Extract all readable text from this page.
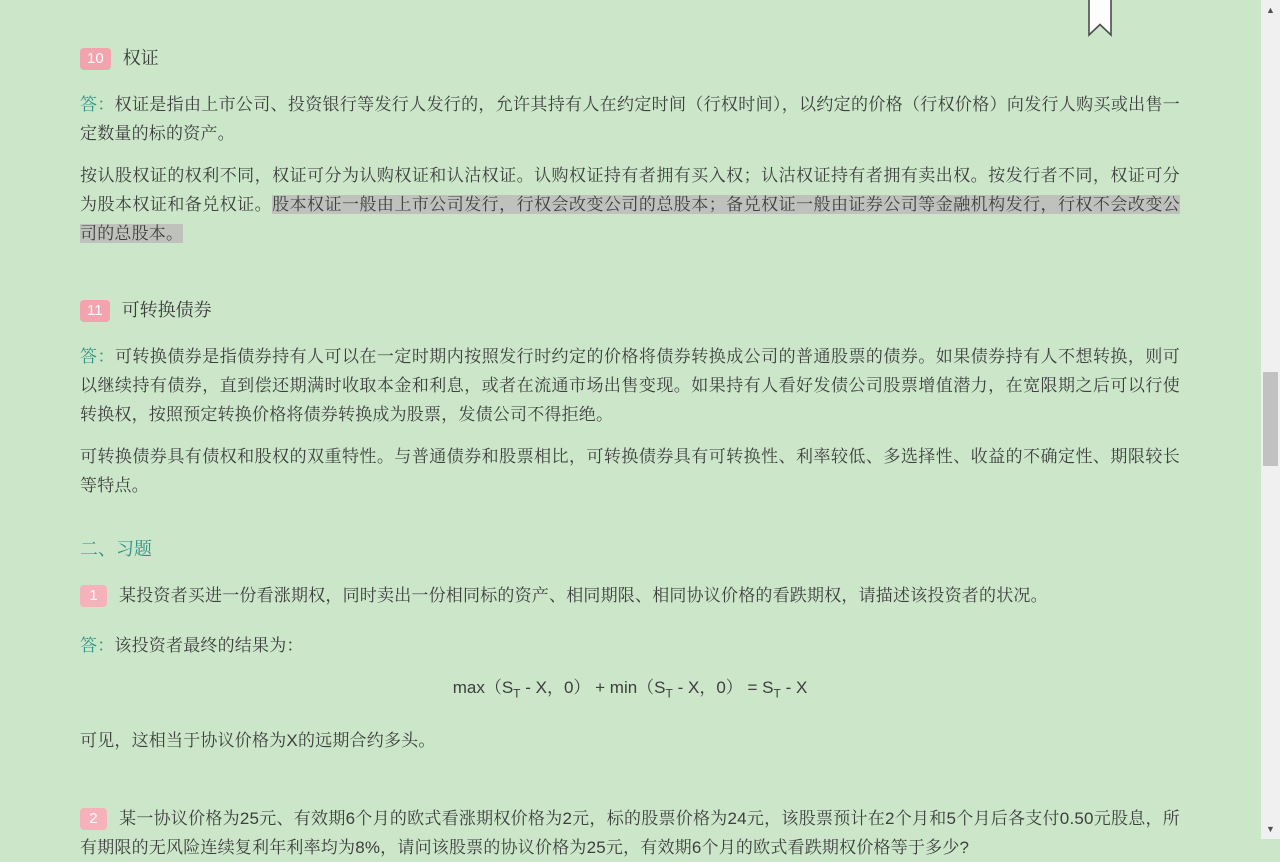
10 权证

答：权证是指由上市公司、投资银行等发行人发行的，允许其持有人在约定时间（行权时间），以约定的价格（行权价格）向发行人购买或出售一定数量的标的资产。

按认股权证的权利不同，权证可分为认购权证和认沽权证。认购权证持有者拥有买入权；认沽权证持有者拥有卖出权。按发行者不同，权证可分为股本权证和备兑权证。股本权证一般由上市公司发行，行权会改变公司的总股本；备兑权证一般由证券公司等金融机构发行，行权不会改变公司的总股本。

11 可转换债券

答：可转换债券是指债券持有人可以在一定时期内按照发行时约定的价格将债券转换成公司的普通股票的债券。如果债券持有人不想转换，则可以继续持有债券，直到偿还期满时收取本金和利息，或者在流通市场出售变现。如果持有人看好发债公司股票增值潜力，在宽限期之后可以行使转换权，按照预定转换价格将债券转换成为股票，发债公司不得拒绝。

可转换债券具有债权和股权的双重特性。与普通债券和股票相比，可转换债券具有可转换性、利率较低、多选择性、收益的不确定性、期限较长等特点。

二、习题

1 某投资者买进一份看涨期权，同时卖出一份相同标的资产、相同期限、相同协议价格的看跌期权，请描述该投资者的状况。

答：该投资者最终的结果为：

$\max(S_T$ - X，$0) + \min(S_T - X$，$0) = S_T - X$

可见，这相当于协议价格为X的远期合约多头。

2 某一协议价格为25元、有效期6个月的欧式看涨期权价格为2元，标的股票价格为24元，该股票预计在2个月和5个月后各支付0.50元股息，所有期限的无风险连续复利年利率均为8%，请问该股票的协议价格为25元，有效期6个月的欧式看跌期权价格等于多少?

▲
▼
